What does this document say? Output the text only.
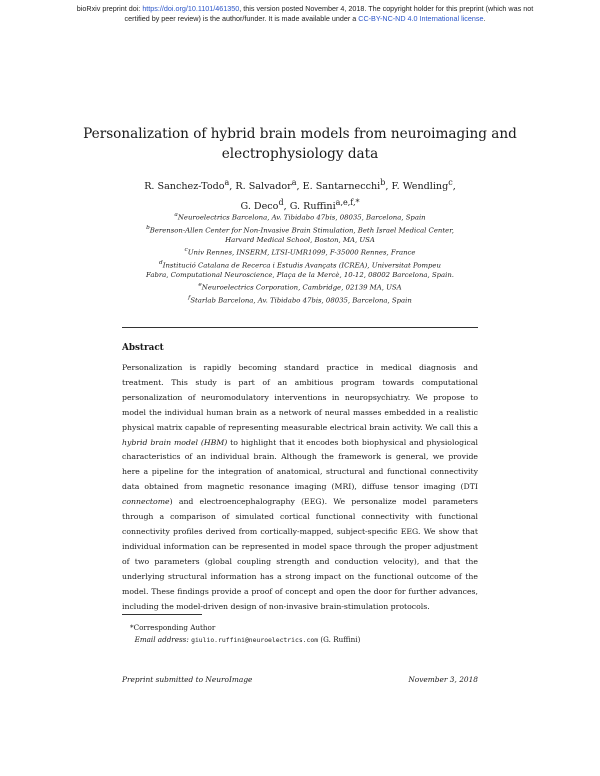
bioRxiv preprint doi: https://doi.org/10.1101/461350, this version posted November 4, 2018. The copyright holder for this preprint (which was not certified by peer review) is the author/funder. It is made available under a CC-BY-NC-ND 4.0 International license.
Personalization of hybrid brain models from neuroimaging and electrophysiology data
R. Sanchez-Todo$^a$, R. Salvador$^a$, E. Santarnecchi$^b$, F. Wendling$^c$,
G. Deco$^d$, G. Ruffini$^{a,e,f,*}$
$^a$Neuroelectrics Barcelona, Av. Tibidabo 47bis, 08035, Barcelona, Spain
$^b$Berenson-Allen Center for Non-Invasive Brain Stimulation, Beth Israel Medical Center,
Harvard Medical School, Boston, MA, USA
$^c$Univ Rennes, INSERM, LTSI-UMR1099, F-35000 Rennes, France
$^d$Institució Catalana de Recerca i Estudis Avançats (ICREA), Universitat Pompeu
Fabra, Computational Neuroscience, Plaça de la Mercè, 10-12, 08002 Barcelona, Spain.
$^e$Neuroelectrics Corporation, Cambridge, 02139 MA, USA
$^f$Starlab Barcelona, Av. Tibidabo 47bis, 08035, Barcelona, Spain
Abstract

Personalization is rapidly becoming standard practice in medical diagnosis and treatment. This study is part of an ambitious program towards computational personalization of neuromodulatory interventions in neuropsychiatry. We propose to model the individual human brain as a network of neural masses embedded in a realistic physical matrix capable of representing measurable electrical brain activity. We call this a hybrid brain model (HBM) to highlight that it encodes both biophysical and physiological characteristics of an individual brain. Although the framework is general, we provide here a pipeline for the integration of anatomical, structural and functional connectivity data obtained from magnetic resonance imaging (MRI), diffuse tensor imaging (DTI connectome) and electroencephalography (EEG). We personalize model parameters through a comparison of simulated cortical functional connectivity with functional connectivity profiles derived from cortically-mapped, subject-specific EEG. We show that individual information can be represented in model space through the proper adjustment of two parameters (global coupling strength and conduction velocity), and that the underlying structural information has a strong impact on the functional outcome of the model. These findings provide a proof of concept and open the door for further advances, including the model-driven design of non-invasive brain-stimulation protocols.

*Corresponding Author
Email address: giulio.ruffini@neuroelectrics.com (G. Ruffini)
Preprint submitted to NeuroImage	November 3, 2018
